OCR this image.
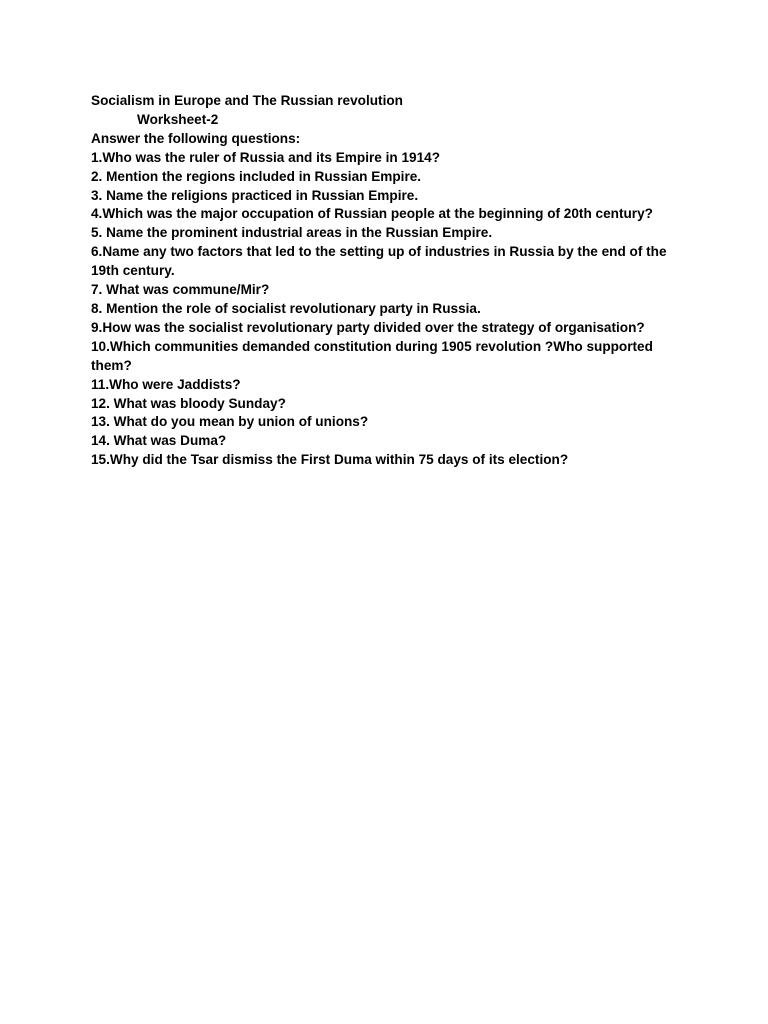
Socialism in Europe and The Russian revolution
Worksheet-2
Answer the following questions:
1.Who was the ruler of Russia and its Empire in 1914?
2. Mention the regions included in Russian Empire.
3. Name the religions practiced in Russian Empire.
4.Which was the major occupation of Russian people at the beginning of 20th century?
5. Name the prominent industrial areas in the Russian Empire.
6.Name any two factors that led to the setting up of industries in Russia by the end of the 19th century.
7. What was commune/Mir?
8. Mention the role of socialist revolutionary party in Russia.
9.How was the socialist revolutionary party divided over the strategy of organisation?
10.Which communities demanded constitution during 1905 revolution ?Who supported them?
11.Who were Jaddists?
12. What was bloody Sunday?
13. What do you mean by union of unions?
14. What was Duma?
15.Why did the Tsar dismiss the First Duma within 75 days of its election?
